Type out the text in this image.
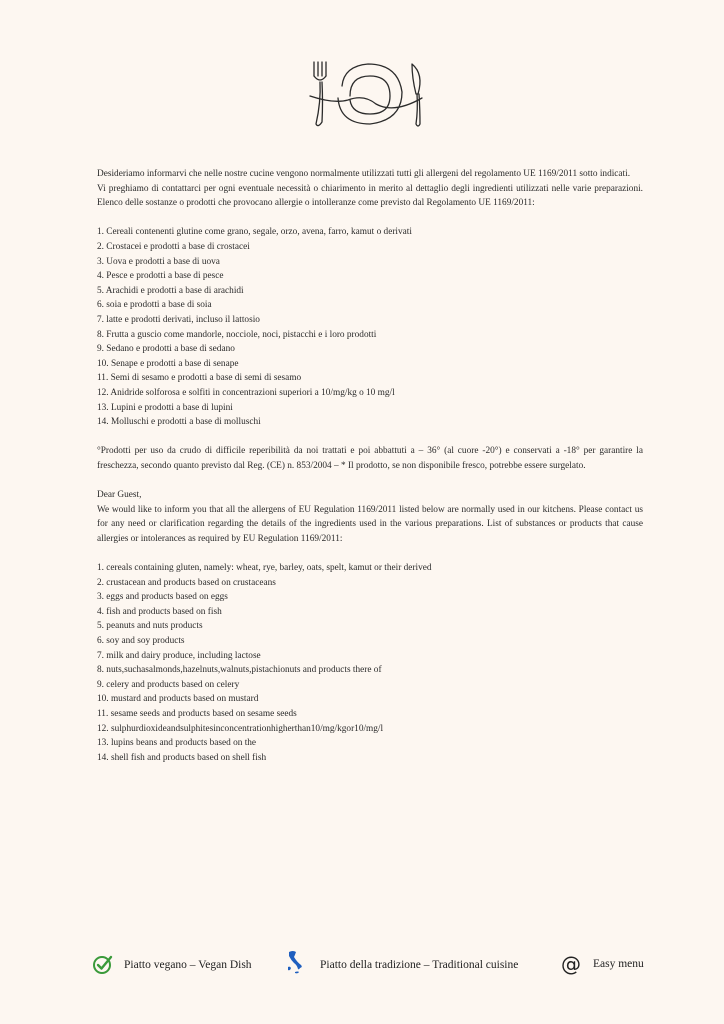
Desideriamo informarvi che nelle nostre cucine vengono normalmente utilizzati tutti gli allergeni del regolamento UE 1169/2011 sotto indicati.

Vi preghiamo di contattarci per ogni eventuale necessità o chiarimento in merito al dettaglio degli ingredienti utilizzati nelle varie preparazioni. Elenco delle sostanze o prodotti che provocano allergie o intolleranze come previsto dal Regolamento UE 1169/2011:

1. Cereali contenenti glutine come grano, segale, orzo, avena, farro, kamut o derivati
2. Crostacei e prodotti a base di crostacei
3. Uova e prodotti a base di uova
4. Pesce e prodotti a base di pesce
5. Arachidi e prodotti a base di arachidi
6. soia e prodotti a base di soia
7. latte e prodotti derivati, incluso il lattosio
8. Frutta a guscio come mandorle, nocciole, noci, pistacchi e i loro prodotti
9. Sedano e prodotti a base di sedano
10. Senape e prodotti a base di senape
11. Semi di sesamo e prodotti a base di semi di sesamo
12. Anidride solforosa e solfiti in concentrazioni superiori a 10/mg/kg o 10 mg/l
13. Lupini e prodotti a base di lupini
14. Molluschi e prodotti a base di molluschi

°Prodotti per uso da crudo di difficile reperibilità da noi trattati e poi abbattuti a – 36° (al cuore -20°) e conservati a -18° per garantire la freschezza, secondo quanto previsto dal Reg. (CE) n. 853/2004 – * Il prodotto, se non disponibile fresco, potrebbe essere surgelato.

Dear Guest,

We would like to inform you that all the allergens of EU Regulation 1169/2011 listed below are normally used in our kitchens. Please contact us for any need or clarification regarding the details of the ingredients used in the various preparations. List of substances or products that cause allergies or intolerances as required by EU Regulation 1169/2011:

1. cereals containing gluten, namely: wheat, rye, barley, oats, spelt, kamut or their derived
2. crustacean and products based on crustaceans
3. eggs and products based on eggs
4. fish and products based on fish
5. peanuts and nuts products
6. soy and soy products
7. milk and dairy produce, including lactose
8. nuts,suchasalmonds,hazelnuts,walnuts,pistachionuts and products there of
9. celery and products based on celery
10. mustard and products based on mustard
11. sesame seeds and products based on sesame seeds
12. sulphurdioxideandsulphitesinconcentrationhigherthan10/mg/kgor10/mg/l
13. lupins beans and products based on the
14. shell fish and products based on shell fish
Piatto vegano – Vegan Dish	Piatto della tradizione – Traditional cuisine @ Easy menu
